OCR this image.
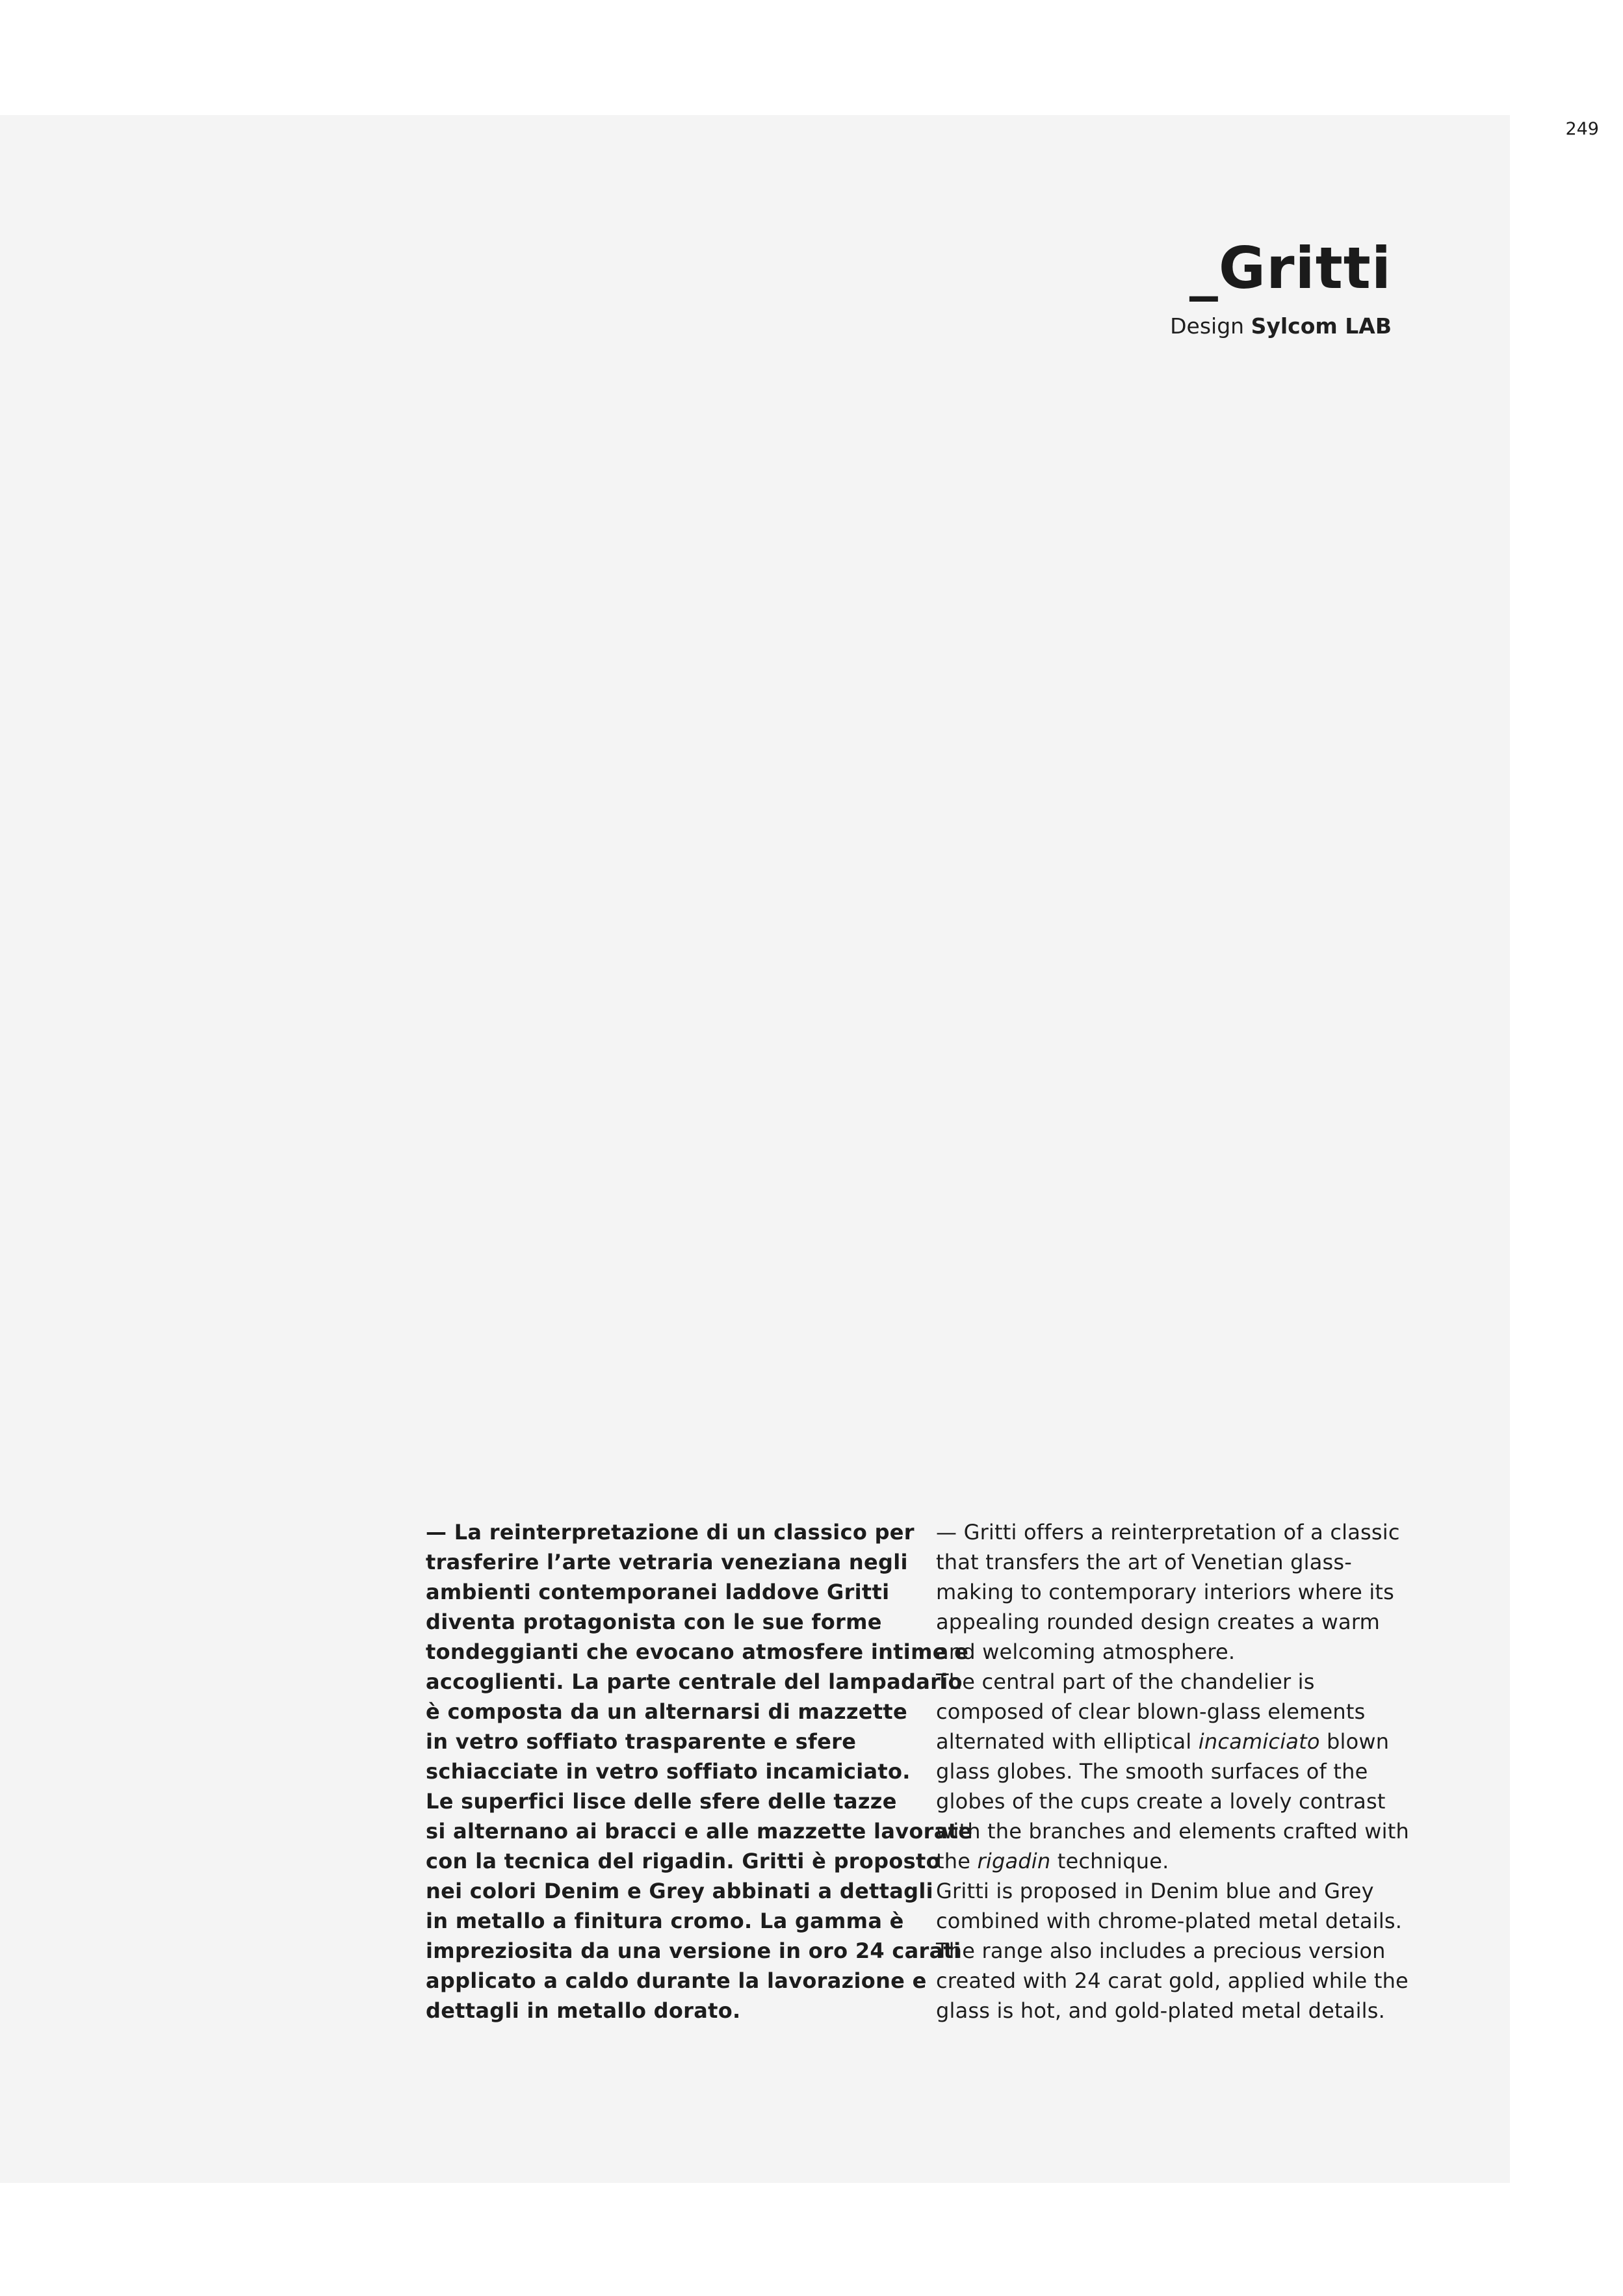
249
_Gritti
Design Sylcom LAB
— La reinterpretazione di un classico per
trasferire l’arte vetraria veneziana negli
ambienti contemporanei laddove Gritti
diventa protagonista con le sue forme
tondeggianti che evocano atmosfere intime e
accoglienti. La parte centrale del lampadario
è composta da un alternarsi di mazzette
in vetro soffiato trasparente e sfere
schiacciate in vetro soffiato incamiciato.
Le superfici lisce delle sfere delle tazze
si alternano ai bracci e alle mazzette lavorate
con la tecnica del rigadin. Gritti è proposto
nei colori Denim e Grey abbinati a dettagli
in metallo a finitura cromo. La gamma è
impreziosita da una versione in oro 24 carati
applicato a caldo durante la lavorazione e
dettagli in metallo dorato.
— Gritti offers a reinterpretation of a classic
that transfers the art of Venetian glass-
making to contemporary interiors where its
appealing rounded design creates a warm
and welcoming atmosphere.
The central part of the chandelier is
composed of clear blown-glass elements
alternated with elliptical incamiciato blown
glass globes. The smooth surfaces of the
globes of the cups create a lovely contrast
with the branches and elements crafted with
the rigadin technique.
Gritti is proposed in Denim blue and Grey
combined with chrome-plated metal details.
The range also includes a precious version
created with 24 carat gold, applied while the
glass is hot, and gold-plated metal details.
